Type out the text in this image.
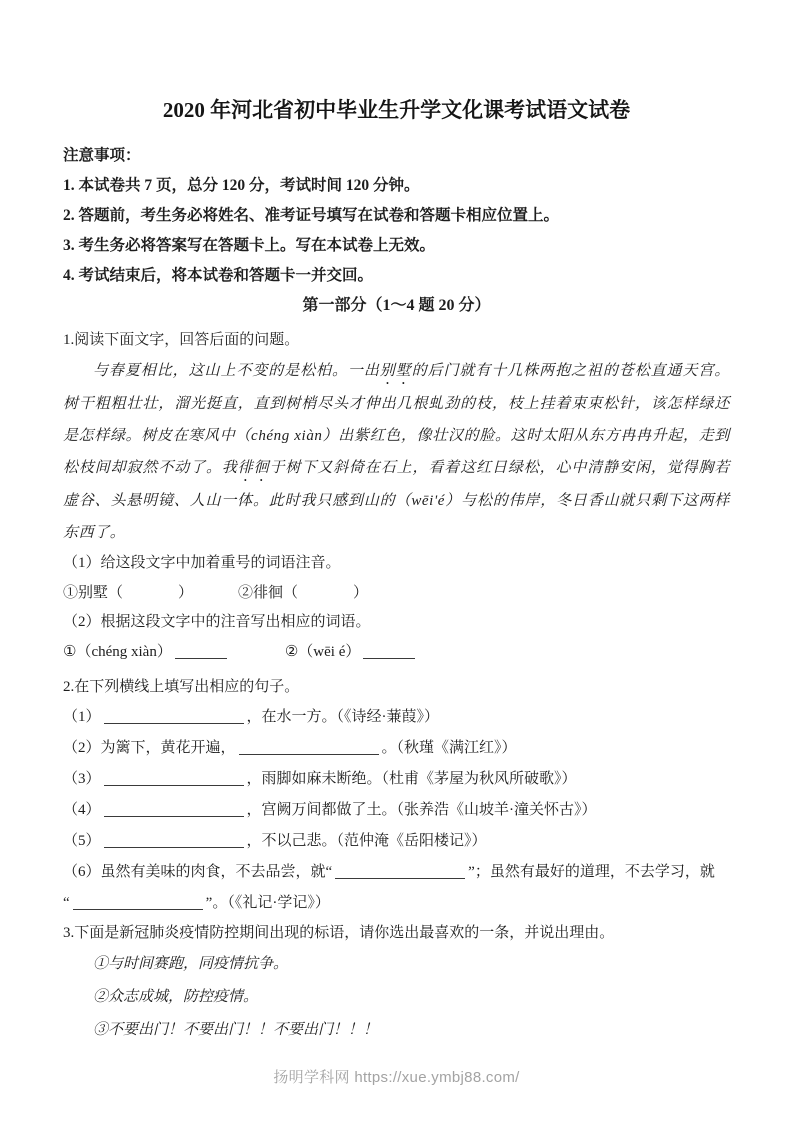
2020 年河北省初中毕业生升学文化课考试语文试卷

注意事项：

1. 本试卷共 7 页，总分 120 分，考试时间 120 分钟。

2. 答题前，考生务必将姓名、准考证号填写在试卷和答题卡相应位置上。

3. 考生务必将答案写在答题卡上。写在本试卷上无效。

4. 考试结束后，将本试卷和答题卡一并交回。

第一部分（1～4 题 20 分）

1.阅读下面文字，回答后面的问题。

与春夏相比，这山上不变的是松柏。一出别墅的后门就有十几株两抱之祖的苍松直通天宫。树干粗粗壮壮，溜光挺直，直到树梢尽头才伸出几根虬劲的枝，枝上挂着束束松针，该怎样绿还是怎样绿。树皮在寒风中（chéng xiàn）出紫红色，像壮汉的脸。这时太阳从东方冉冉升起，走到松枝间却寂然不动了。我徘徊于树下又斜倚在石上，看着这红日绿松，心中清静安闲，觉得胸若虚谷、头悬明镜、人山一体。此时我只感到山的（wēi'é）与松的伟岸，冬日香山就只剩下这两样东西了。

（1）给这段文字中加着重号的词语注音。

①别墅（	）	②徘徊（	）

（2）根据这段文字中的注音写出相应的词语。

①（chéng xiàn）	②（wēi é）

2.在下列横线上填写出相应的句子。

（1）	，在水一方。（《诗经·蒹葭》）

（2）为篱下，黄花开遍，	。（秋瑾《满江红》）

（3）	，雨脚如麻未断绝。（杜甫《茅屋为秋风所破歌》）

（4）	，宫阙万间都做了土。（张养浩《山坡羊·潼关怀古》）

（5）	，不以己悲。（范仲淹《岳阳楼记》）

（6）虽然有美味的肉食，不去品尝，就“	”；虽然有最好的道理，不去学习，就
“	”。（《礼记·学记》）

3.下面是新冠肺炎疫情防控期间出现的标语，请你选出最喜欢的一条，并说出理由。

①与时间赛跑，同疫情抗争。

②众志成城，防控疫情。

③不要出门！不要出门！！不要出门！！！

扬明学科网 https://xue.ymbj88.com/
